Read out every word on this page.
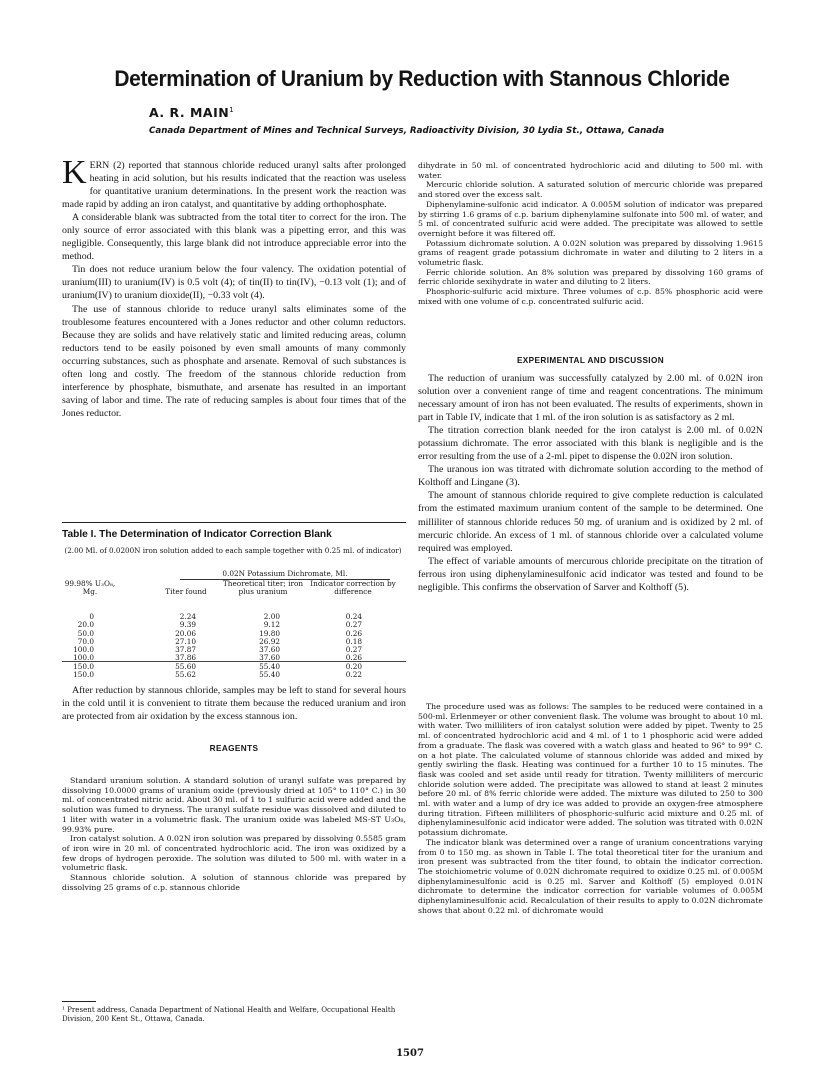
Determination of Uranium by Reduction with Stannous Chloride
A. R. MAIN$^1$
Canada Department of Mines and Technical Surveys, Radioactivity Division, 30 Lydia St., Ottawa, Canada

KERN (2) reported that stannous chloride reduced uranyl salts after prolonged heating in acid solution, but his results indicated that the reaction was useless for quantitative uranium determinations. In the present work the reaction was made rapid by adding an iron catalyst, and quantitative by adding orthophosphate.

A considerable blank was subtracted from the total titer to correct for the iron. The only source of error associated with this blank was a pipetting error, and this was negligible. Consequently, this large blank did not introduce appreciable error into the method.

Tin does not reduce uranium below the four valency. The oxidation potential of uranium(III) to uranium(IV) is 0.5 volt (4); of tin(II) to tin(IV), −0.13 volt (1); and of uranium(IV) to uranium dioxide(II), −0.33 volt (4).

The use of stannous chloride to reduce uranyl salts eliminates some of the troublesome features encountered with a Jones reductor and other column reductors. Because they are solids and have relatively static and limited reducing areas, column reductors tend to be easily poisoned by even small amounts of many commonly occurring substances, such as phosphate and arsenate. Removal of such substances is often long and costly. The freedom of the stannous chloride reduction from interference by phosphate, bismuthate, and arsenate has resulted in an important saving of labor and time. The rate of reducing samples is about four times that of the Jones reductor.

Table I. The Determination of Indicator Correction Blank
(2.00 Ml. of 0.0200N iron solution added to each sample together with 0.25 ml. of indicator)
0.02N Potassium Dichromate, Ml.
99.98% U₃O₈, Mg.	Titer found
Theoretical titer; iron plus uranium
Indicator correction by difference
0
20.0
50.0
70.0
100.0
100.0
150.0
150.0
2.24
9.39
20.06
27.10
37.87
37.86
55.60
55.62
2.00
9.12
19.80
26.92
37.60
37.60
55.40
55.40
0.24
0.27
0.26
0.18
0.27
0.26
0.20
0.22

After reduction by stannous chloride, samples may be left to stand for several hours in the cold until it is convenient to titrate them because the reduced uranium and iron are protected from air oxidation by the excess stannous ion.

REAGENTS

Standard uranium solution. A standard solution of uranyl sulfate was prepared by dissolving 10.0000 grams of uranium oxide (previously dried at 105° to 110° C.) in 30 ml. of concentrated nitric acid. About 30 ml. of 1 to 1 sulfuric acid were added and the solution was fumed to dryness. The uranyl sulfate residue was dissolved and diluted to 1 liter with water in a volumetric flask. The uranium oxide was labeled MS-ST U₃O₈, 99.93% pure.

Iron catalyst solution. A 0.02N iron solution was prepared by dissolving 0.5585 gram of iron wire in 20 ml. of concentrated hydrochloric acid. The iron was oxidized by a few drops of hydrogen peroxide. The solution was diluted to 500 ml. with water in a volumetric flask.

Stannous chloride solution. A solution of stannous chloride was prepared by dissolving 25 grams of c.p. stannous chloride

¹ Present address, Canada Department of National Health and Welfare, Occupational Health Division, 200 Kent St., Ottawa, Canada.

dihydrate in 50 ml. of concentrated hydrochloric acid and diluting to 500 ml. with water.

Mercuric chloride solution. A saturated solution of mercuric chloride was prepared and stored over the excess salt.

Diphenylamine-sulfonic acid indicator. A 0.005M solution of indicator was prepared by stirring 1.6 grams of c.p. barium diphenylamine sulfonate into 500 ml. of water, and 5 ml. of concentrated sulfuric acid were added. The precipitate was allowed to settle overnight before it was filtered off.

Potassium dichromate solution. A 0.02N solution was prepared by dissolving 1.9615 grams of reagent grade potassium dichromate in water and diluting to 2 liters in a volumetric flask.

Ferric chloride solution. An 8% solution was prepared by dissolving 160 grams of ferric chloride sexihydrate in water and diluting to 2 liters.

Phosphoric-sulfuric acid mixture. Three volumes of c.p. 85% phosphoric acid were mixed with one volume of c.p. concentrated sulfuric acid.

EXPERIMENTAL AND DISCUSSION

The reduction of uranium was successfully catalyzed by 2.00 ml. of 0.02N iron solution over a convenient range of time and reagent concentrations. The minimum necessary amount of iron has not been evaluated. The results of experiments, shown in part in Table IV, indicate that 1 ml. of the iron solution is as satisfactory as 2 ml.

The titration correction blank needed for the iron catalyst is 2.00 ml. of 0.02N potassium dichromate. The error associated with this blank is negligible and is the error resulting from the use of a 2-ml. pipet to dispense the 0.02N iron solution.

The uranous ion was titrated with dichromate solution according to the method of Kolthoff and Lingane (3).

The amount of stannous chloride required to give complete reduction is calculated from the estimated maximum uranium content of the sample to be determined. One milliliter of stannous chloride reduces 50 mg. of uranium and is oxidized by 2 ml. of mercuric chloride. An excess of 1 ml. of stannous chloride over a calculated volume required was employed.

The effect of variable amounts of mercurous chloride precipitate on the titration of ferrous iron using diphenylaminesulfonic acid indicator was tested and found to be negligible. This confirms the observation of Sarver and Kolthoff (5).

The procedure used was as follows: The samples to be reduced were contained in a 500-ml. Erlenmeyer or other convenient flask. The volume was brought to about 10 ml. with water. Two milliliters of iron catalyst solution were added by pipet. Twenty to 25 ml. of concentrated hydrochloric acid and 4 ml. of 1 to 1 phosphoric acid were added from a graduate. The flask was covered with a watch glass and heated to 96° to 99° C. on a hot plate. The calculated volume of stannous chloride was added and mixed by gently swirling the flask. Heating was continued for a further 10 to 15 minutes. The flask was cooled and set aside until ready for titration. Twenty milliliters of mercuric chloride solution were added. The precipitate was allowed to stand at least 2 minutes before 20 ml. of 8% ferric chloride were added. The mixture was diluted to 250 to 300 ml. with water and a lump of dry ice was added to provide an oxygen-free atmosphere during titration. Fifteen milliliters of phosphoric-sulfuric acid mixture and 0.25 ml. of diphenylaminesulfonic acid indicator were added. The solution was titrated with 0.02N potassium dichromate.

The indicator blank was determined over a range of uranium concentrations varying from 0 to 150 mg. as shown in Table I. The total theoretical titer for the uranium and iron present was subtracted from the titer found, to obtain the indicator correction. The stoichiometric volume of 0.02N dichromate required to oxidize 0.25 ml. of 0.005M diphenylaminesulfonic acid is 0.25 ml. Sarver and Kolthoff (5) employed 0.01N dichromate to determine the indicator correction for variable volumes of 0.005M diphenylaminesulfonic acid. Recalculation of their results to apply to 0.02N dichromate shows that about 0.22 ml. of dichromate would

1507
